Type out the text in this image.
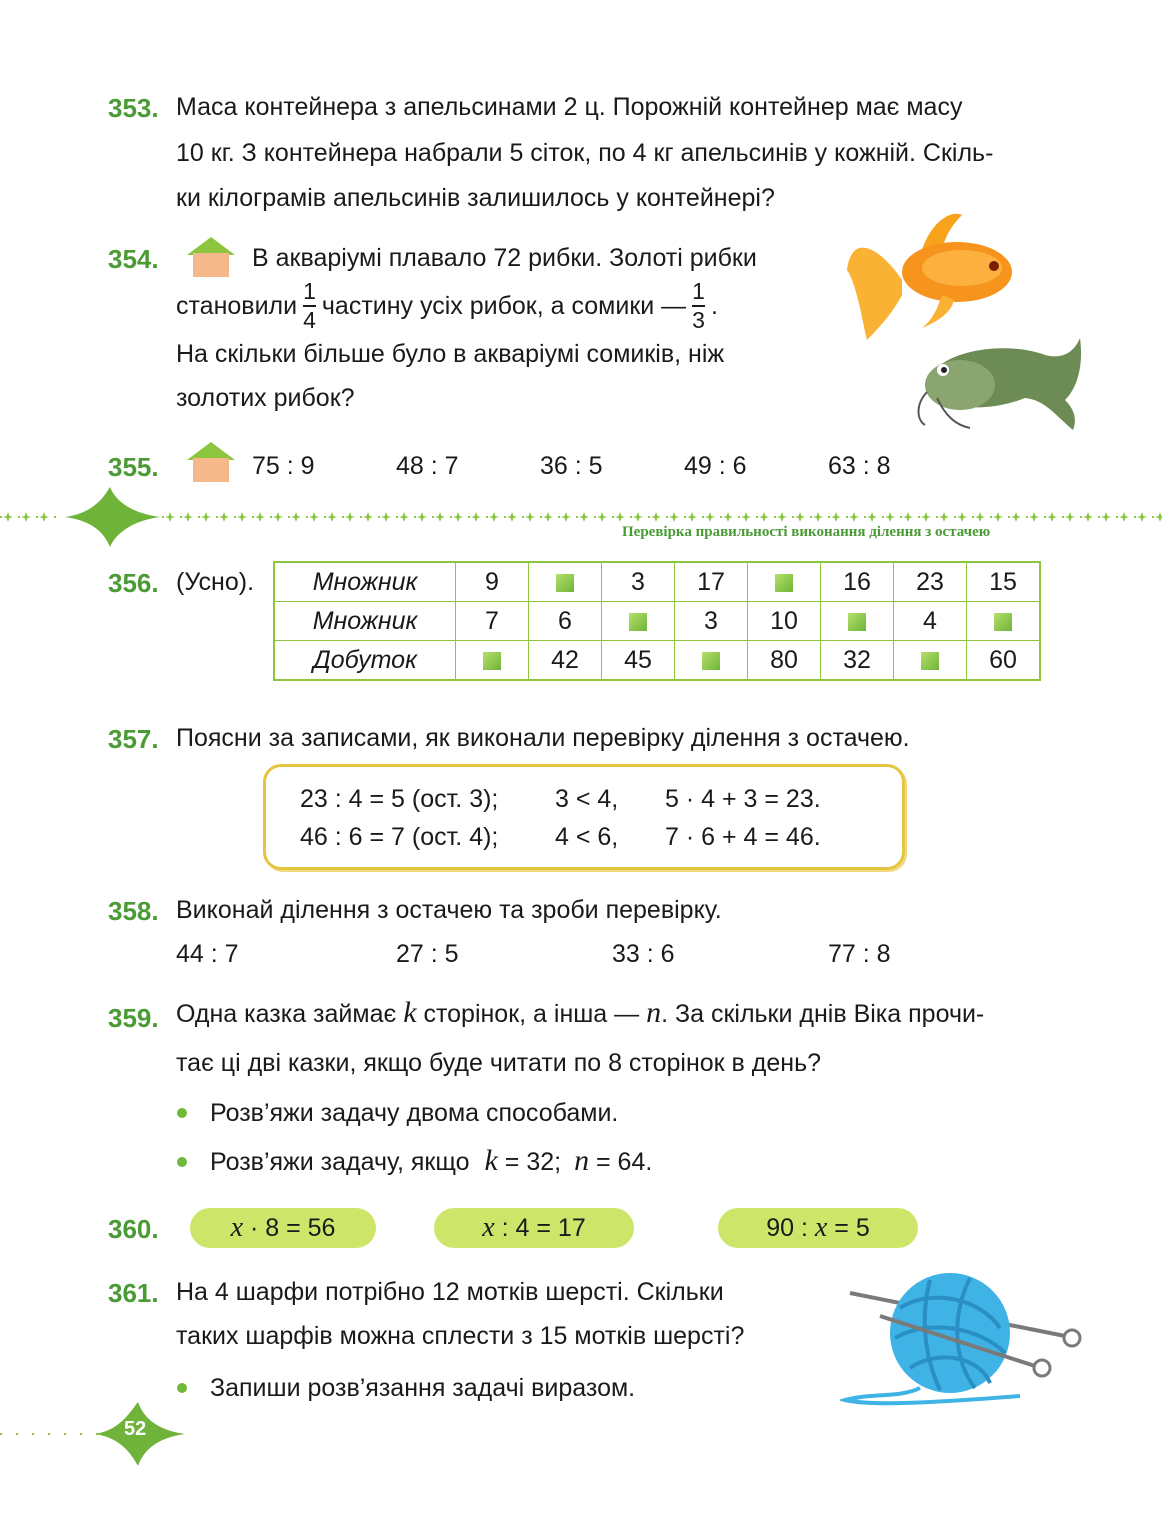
353. Маса контейнера з апельсинами 2 ц. Порожній контейнер має масу
10 кг. З контейнера набрали 5 сіток, по 4 кг апельсинів у кожній. Скіль-
ки кілограмів апельсинів залишилось у контейнері?
354.	В акваріумі плавало 72 рибки. Золоті рибки
становили $\frac{1}{4}$ частину усіх рибок, а сомики — $\frac{1}{3}$ .
На скільки більше було в акваріумі сомиків, ніж
золотих рибок?
355.	75 : 9	48 : 7	36 : 5	49 : 6	63 : 8
Перевірка правильності виконання ділення з остачею
356. (Усно). Множник	9		3	17		16	23	15
Множник	7	6		3	10		4	
Добуток		42	45		80	32		60
357. Поясни за записами, як виконали перевірку ділення з остачею.
23 : 4 = 5 (ост. 3); 3 < 4, 5 · 4 + 3 = 23.
46 : 6 = 7 (ост. 4); 4 < 6, 7 · 6 + 4 = 46.
358. Виконай ділення з остачею та зроби перевірку.
44 : 7	27 : 5	33 : 6	77 : 8
359. Одна казка займає k сторінок, а інша — n. За скільки днів Віка прочи-
тає ці дві казки, якщо буде читати по 8 сторінок в день?
Розв’яжи задачу двома способами.
Розв’яжи задачу, якщо k = 32; n = 64.
360.	x · 8 = 56	x : 4 = 17	90 : x = 5
361. На 4 шарфи потрібно 12 мотків шерсті. Скільки
таких шарфів можна сплести з 15 мотків шерсті?
Запиши розв’язання задачі виразом.
52
